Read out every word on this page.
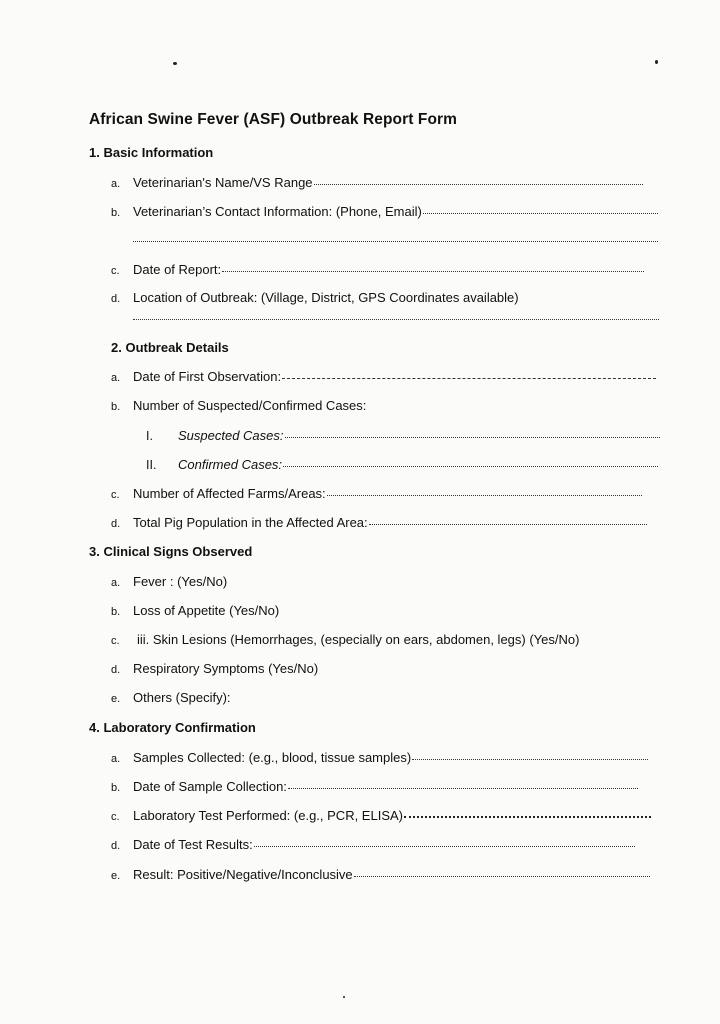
African Swine Fever (ASF) Outbreak Report Form
1. Basic Information
a. Veterinarian's Name/VS Range
b. Veterinarian’s Contact Information: (Phone, Email)
c.	Date of Report:
d. Location of Outbreak: (Village, District, GPS Coordinates available)
2. Outbreak Details
a. Date of First Observation:
b. Number of Suspected/Confirmed Cases:
I.	Suspected Cases:
II.	Confirmed Cases:
c.	Number of Affected Farms/Areas:
d. Total Pig Population in the Affected Area:
3. Clinical Signs Observed
a. Fever : (Yes/No)
b. Loss of Appetite (Yes/No)
c.	iii. Skin Lesions (Hemorrhages, (especially on ears, abdomen, legs) (Yes/No)
d. Respiratory Symptoms (Yes/No)
e. Others (Specify):
4. Laboratory Confirmation
a. Samples Collected: (e.g., blood, tissue samples)
b. Date of Sample Collection:
c.	Laboratory Test Performed: (e.g., PCR, ELISA)
d. Date of Test Results:
e. Result: Positive/Negative/Inconclusive
